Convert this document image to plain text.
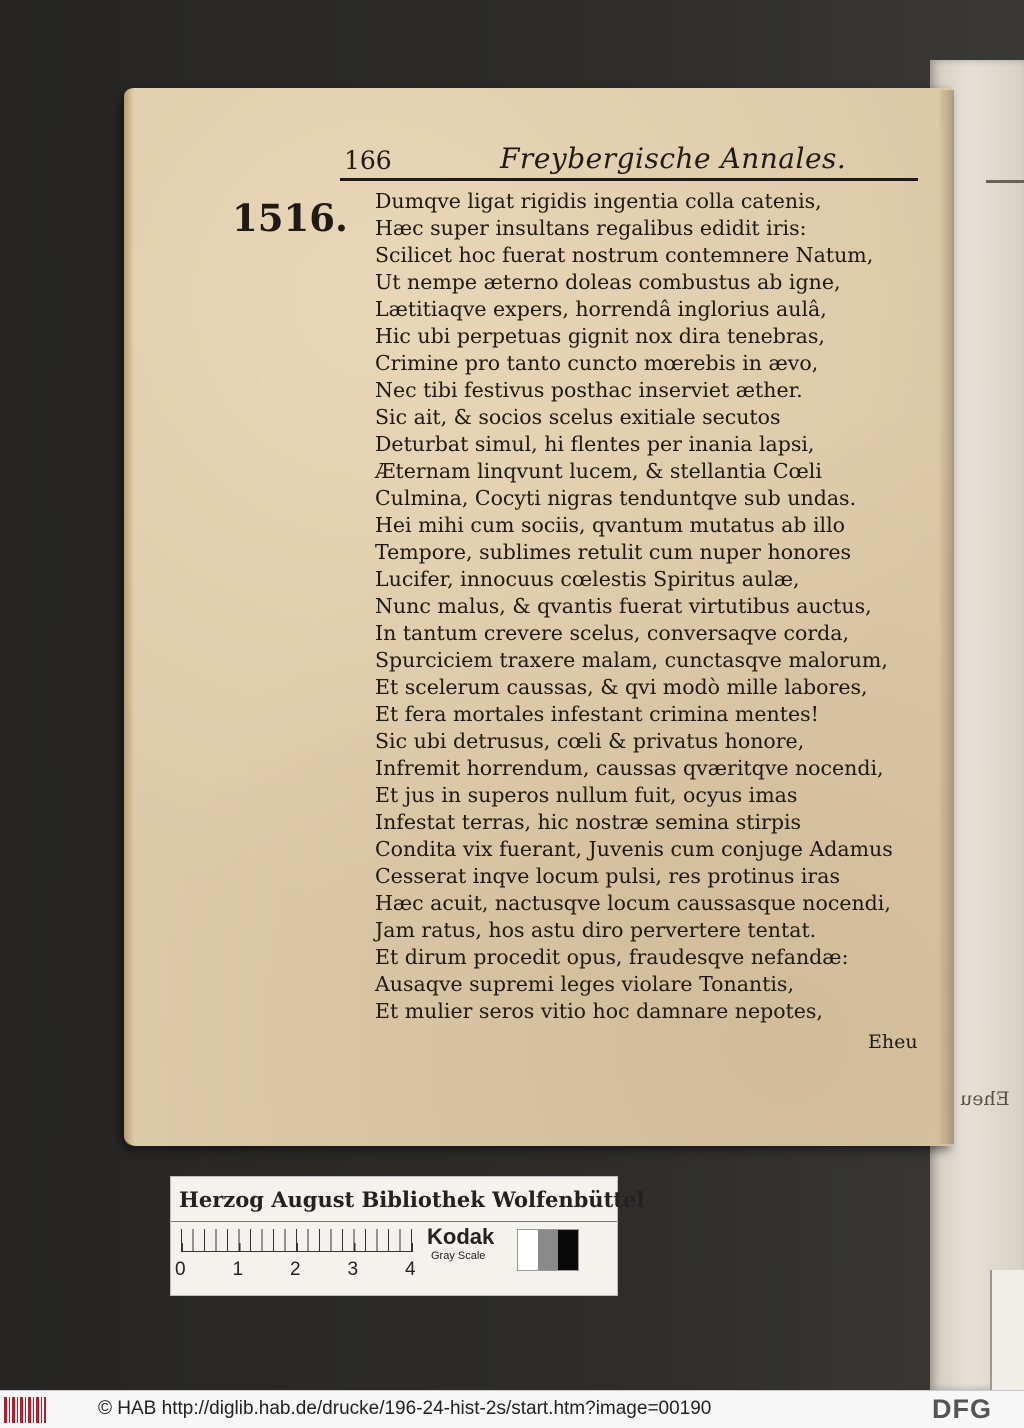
Eheu
166	Freybergische Annales.
1516. Dumqve ligat rigidis ingentia colla catenis,
Hæc super insultans regalibus edidit iris:
Scilicet hoc fuerat nostrum contemnere Natum,
Ut nempe æterno doleas combustus ab igne,
Lætitiaqve expers, horrendâ inglorius aulâ,
Hic ubi perpetuas gignit nox dira tenebras,
Crimine pro tanto cuncto mœrebis in ævo,
Nec tibi festivus posthac inserviet æther.
Sic ait, & socios scelus exitiale secutos
Deturbat simul, hi flentes per inania lapsi,
Æternam linqvunt lucem, & stellantia Cœli
Culmina, Cocyti nigras tenduntqve sub undas.
Hei mihi cum sociis, qvantum mutatus ab illo
Tempore, sublimes retulit cum nuper honores
Lucifer, innocuus cœlestis Spiritus aulæ,
Nunc malus, & qvantis fuerat virtutibus auctus,
In tantum crevere scelus, conversaqve corda,
Spurciciem traxere malam, cunctasqve malorum,
Et scelerum caussas, & qvi modò mille labores,
Et fera mortales infestant crimina mentes!
Sic ubi detrusus, cœli & privatus honore,
Infremit horrendum, caussas qværitqve nocendi,
Et jus in superos nullum fuit, ocyus imas
Infestat terras, hic nostræ semina stirpis
Condita vix fuerant, Juvenis cum conjuge Adamus
Cesserat inqve locum pulsi, res protinus iras
Hæc acuit, nactusqve locum caussasque nocendi,
Jam ratus, hos astu diro pervertere tentat.
Et dirum procedit opus, fraudesqve nefandæ:
Ausaqve supremi leges violare Tonantis,
Et mulier seros vitio hoc damnare nepotes,
Eheu
Herzog August Bibliothek Wolfenbüttel
0 1 2 3 4
Kodak
Gray Scale
© HAB http://diglib.hab.de/drucke/196-24-hist-2s/start.htm?image=00190	DFG
